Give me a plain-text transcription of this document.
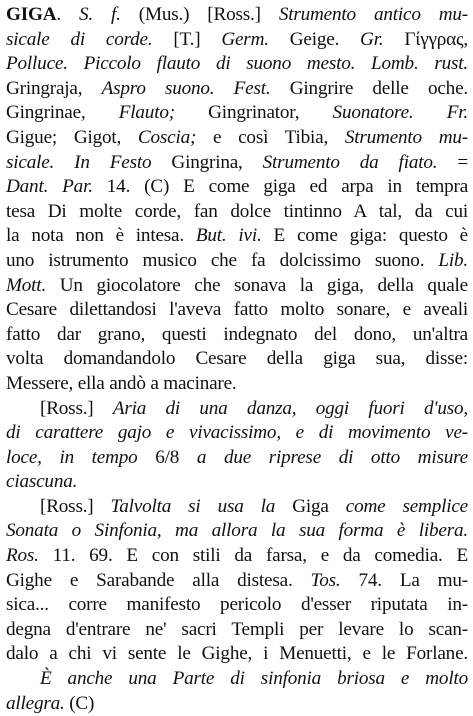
GIGA. S. f. (Mus.) [Ross.] Strumento antico mu-
sicale di corde. [T.] Germ. Geige. Gr. Γίγγρας,
Polluce. Piccolo flauto di suono mesto. Lomb. rust.
Gringraja, Aspro suono. Fest. Gingrire delle oche.
Gingrinae, Flauto; Gingrinator, Suonatore. Fr.
Gigue; Gigot, Coscia; e così Tibia, Strumento mu-
sicale. In Festo Gingrina, Strumento da fiato. =
Dant. Par. 14. (C) E come giga ed arpa in tempra
tesa Di molte corde, fan dolce tintinno A tal, da cui
la nota non è intesa. But. ivi. E come giga: questo è
uno istrumento musico che fa dolcissimo suono. Lib.
Mott. Un giocolatore che sonava la giga, della quale
Cesare dilettandosi l'aveva fatto molto sonare, e aveali
fatto dar grano, questi indegnato del dono, un'altra
volta domandandolo Cesare della giga sua, disse:
Messere, ella andò a macinare.
[Ross.] Aria di una danza, oggi fuori d'uso,
di carattere gajo e vivacissimo, e di movimento ve-
loce, in tempo 6/8 a due riprese di otto misure
ciascuna.
[Ross.] Talvolta si usa la Giga come semplice
Sonata o Sinfonia, ma allora la sua forma è libera.
Ros. 11. 69. E con stili da farsa, e da comedia. E
Gighe e Sarabande alla distesa. Tos. 74. La mu-
sica... corre manifesto pericolo d'esser riputata in-
degna d'entrare ne' sacri Templi per levare lo scan-
dalo a chi vi sente le Gighe, i Menuetti, e le Forlane.
È anche una Parte di sinfonia briosa e molto
allegra. (C)
